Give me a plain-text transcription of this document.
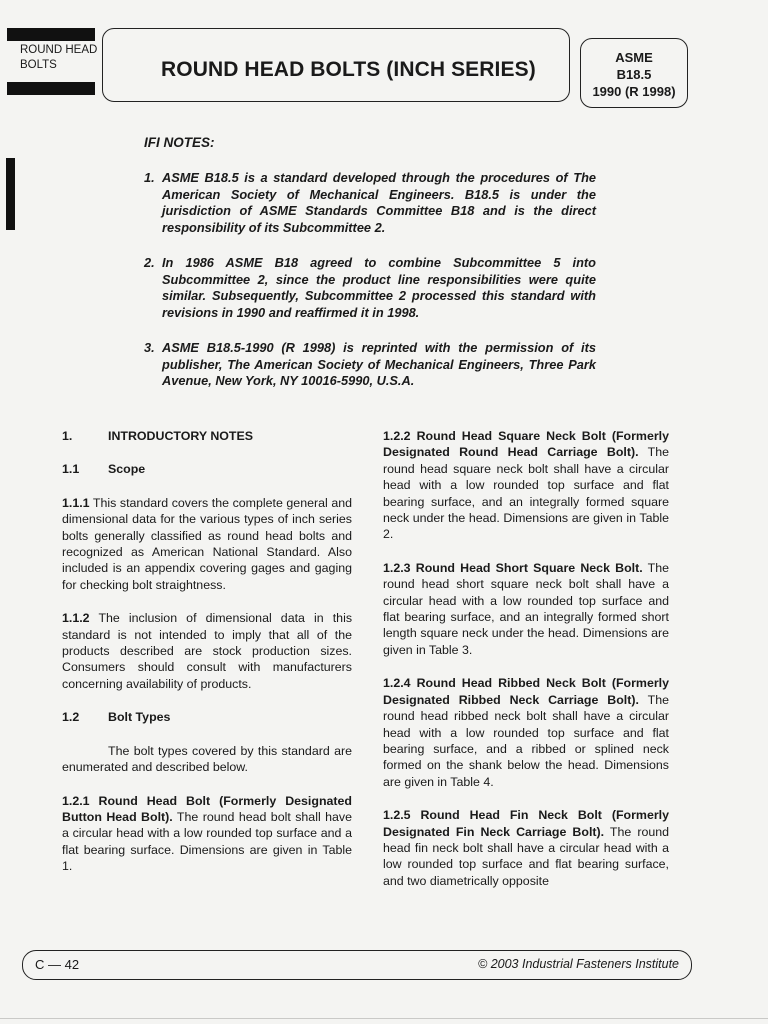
ROUND HEAD
BOLTS	ROUND HEAD BOLTS (INCH SERIES)
ASME
B18.5
1990 (R 1998)
IFI NOTES:
1. ASME B18.5 is a standard developed through the procedures of The American Society of Mechanical Engineers. B18.5 is under the jurisdiction of ASME Standards Committee B18 and is the direct responsibility of its Subcommittee 2.
2. In 1986 ASME B18 agreed to combine Subcommittee 5 into Subcommittee 2, since the product line responsibilities were quite similar. Subsequently, Subcommittee 2 processed this standard with revisions in 1990 and reaffirmed it in 1998.
3. ASME B18.5-1990 (R 1998) is reprinted with the permission of its publisher, The American Society of Mechanical Engineers, Three Park Avenue, New York, NY 10016-5990, U.S.A.
1.	INTRODUCTORY NOTES
1.1	Scope

1.1.1 This standard covers the complete general and dimensional data for the various types of inch series bolts generally classified as round head bolts and recognized as American National Standard. Also included is an appendix covering gages and gaging for checking bolt straightness.

1.1.2 The inclusion of dimensional data in this standard is not intended to imply that all of the products described are stock production sizes. Consumers should consult with manufacturers concerning availability of products.

1.2	Bolt Types

The bolt types covered by this standard are enumerated and described below.

1.2.1 Round Head Bolt (Formerly Designated Button Head Bolt). The round head bolt shall have a circular head with a low rounded top surface and a flat bearing surface. Dimensions are given in Table 1.

1.2.2 Round Head Square Neck Bolt (Formerly Designated Round Head Carriage Bolt). The round head square neck bolt shall have a circular head with a low rounded top surface and flat bearing surface, and an integrally formed square neck under the head. Dimensions are given in Table 2.

1.2.3 Round Head Short Square Neck Bolt. The round head short square neck bolt shall have a circular head with a low rounded top surface and flat bearing surface, and an integrally formed short length square neck under the head. Dimensions are given in Table 3.

1.2.4 Round Head Ribbed Neck Bolt (Formerly Designated Ribbed Neck Carriage Bolt). The round head ribbed neck bolt shall have a circular head with a low rounded top surface and flat bearing surface, and a ribbed or splined neck formed on the shank below the head. Dimensions are given in Table 4.

1.2.5 Round Head Fin Neck Bolt (Formerly Designated Fin Neck Carriage Bolt). The round head fin neck bolt shall have a circular head with a low rounded top surface and flat bearing surface, and two diametrically opposite

C — 42	© 2003 Industrial Fasteners Institute
